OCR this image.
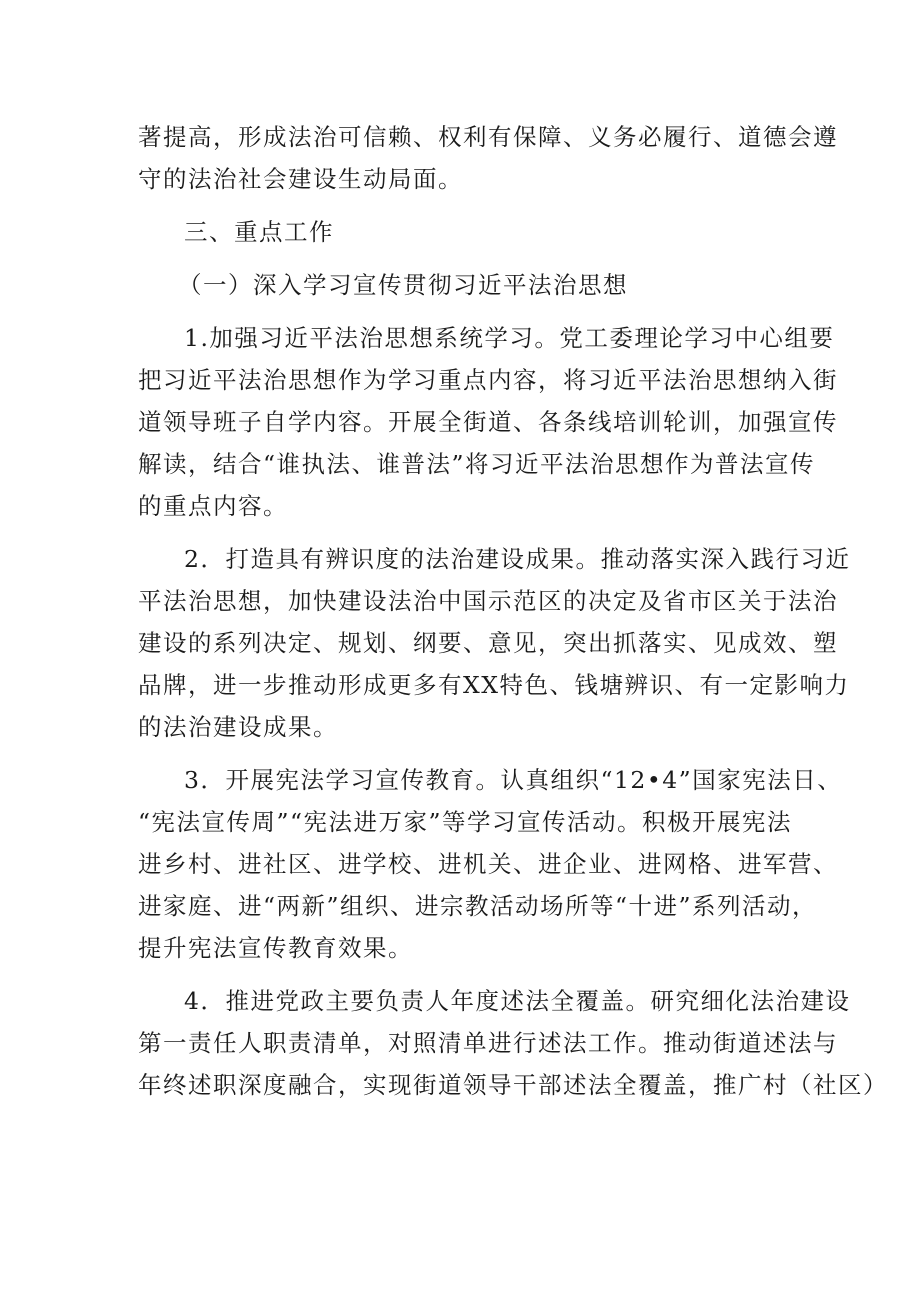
著提高，形成法治可信赖、权利有保障、义务必履行、道德会遵
守的法治社会建设生动局面。
三、重点工作
（一）深入学习宣传贯彻习近平法治思想
1.加强习近平法治思想系统学习。党工委理论学习中心组要
把习近平法治思想作为学习重点内容，将习近平法治思想纳入街
道领导班子自学内容。开展全街道、各条线培训轮训，加强宣传
解读，结合“谁执法、谁普法”将习近平法治思想作为普法宣传
的重点内容。
2．打造具有辨识度的法治建设成果。推动落实深入践行习近
平法治思想，加快建设法治中国示范区的决定及省市区关于法治
建设的系列决定、规划、纲要、意见，突出抓落实、见成效、塑
品牌，进一步推动形成更多有XX特色、钱塘辨识、有一定影响力
的法治建设成果。
3．开展宪法学习宣传教育。认真组织“12•4”国家宪法日、
“宪法宣传周”“宪法进万家”等学习宣传活动。积极开展宪法
进乡村、进社区、进学校、进机关、进企业、进网格、进军营、
进家庭、进“两新”组织、进宗教活动场所等“十进”系列活动，
提升宪法宣传教育效果。
4．推进党政主要负责人年度述法全覆盖。研究细化法治建设
第一责任人职责清单，对照清单进行述法工作。推动街道述法与
年终述职深度融合，实现街道领导干部述法全覆盖，推广村（社区）
